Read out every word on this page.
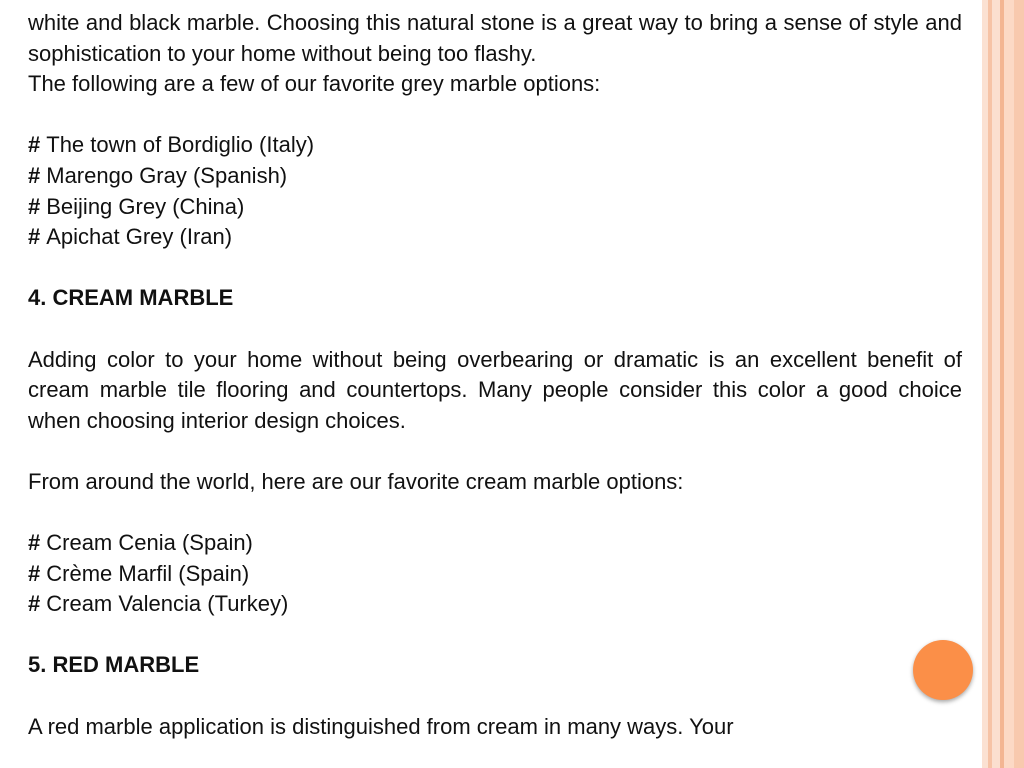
white and black marble. Choosing this natural stone is a great way to bring a sense of style and sophistication to your home without being too flashy.

The following are a few of our favorite grey marble options:

# The town of Bordiglio (Italy)

# Marengo Gray (Spanish)

# Beijing Grey (China)

# Apichat Grey (Iran)

4. CREAM MARBLE

Adding color to your home without being overbearing or dramatic is an excellent benefit of cream marble tile flooring and countertops. Many people consider this color a good choice when choosing interior design choices.

From around the world, here are our favorite cream marble options:

# Cream Cenia (Spain)

# Crème Marfil (Spain)

# Cream Valencia (Turkey)

5. RED MARBLE

A red marble application is distinguished from cream in many ways. Your
